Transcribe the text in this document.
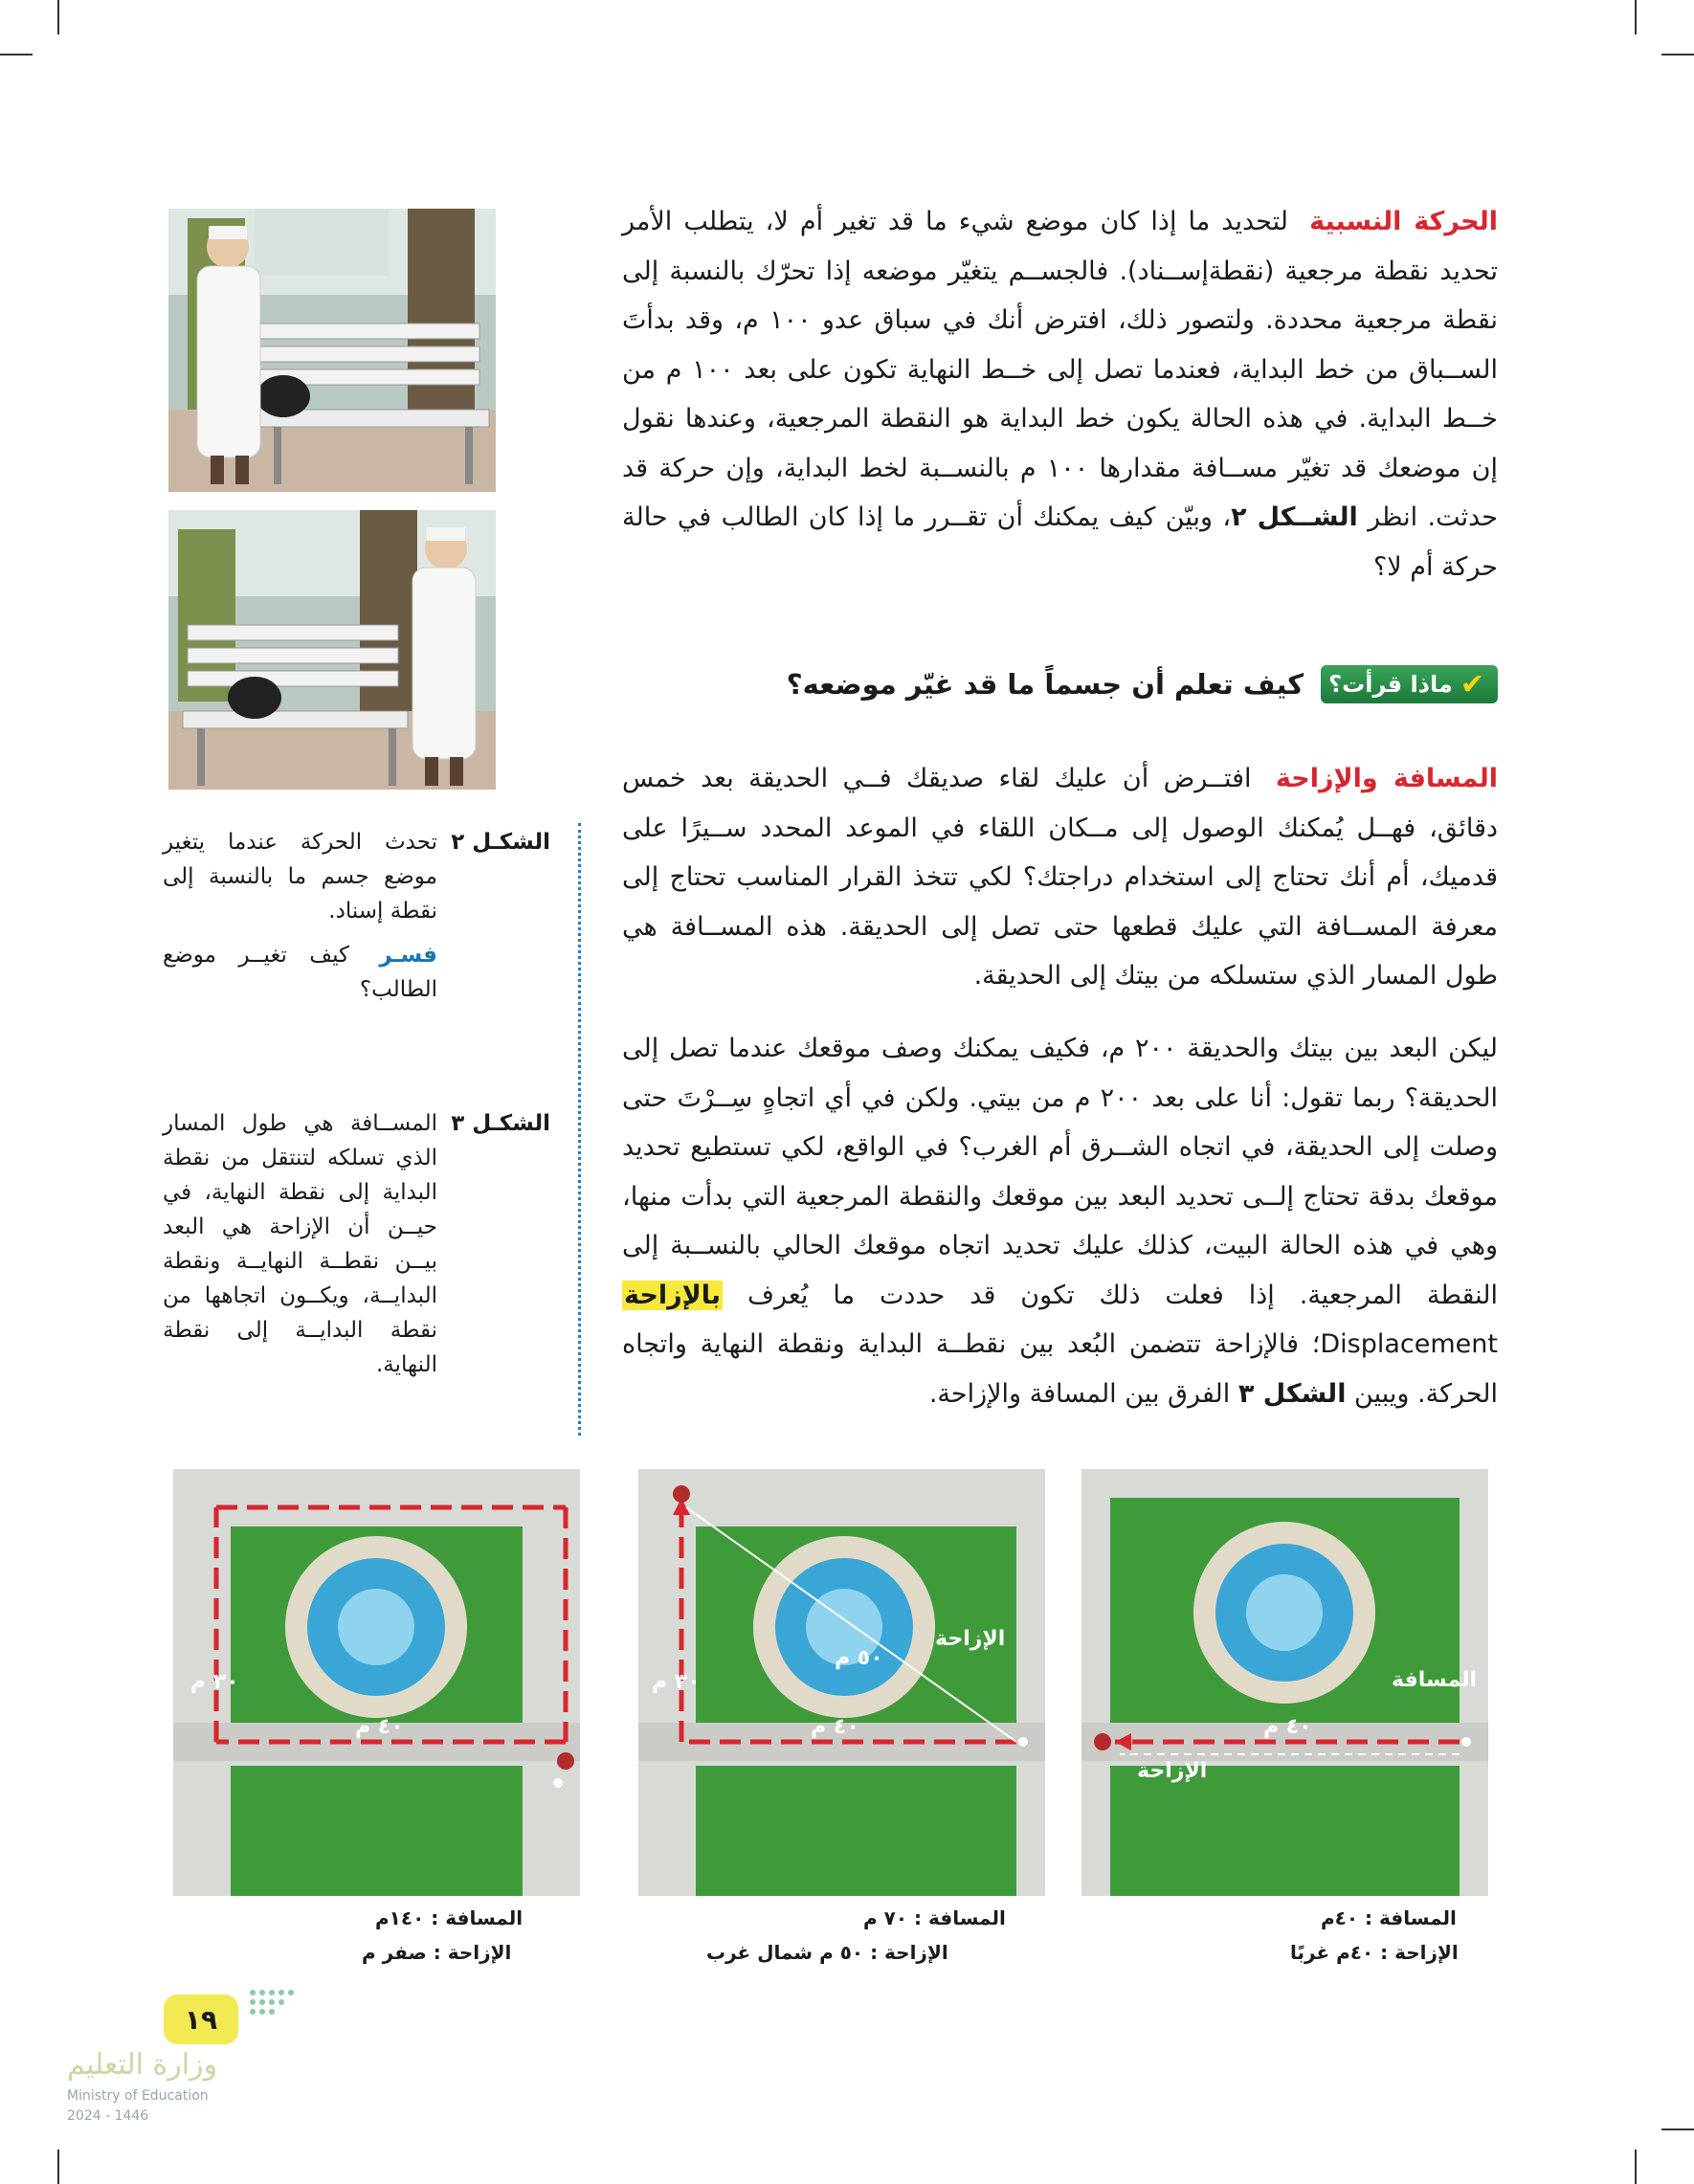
الحركة النسبية لتحديد ما إذا كان موضع شيء ما قد تغير أم لا، يتطلب الأمر تحديد نقطة مرجعية (نقطةإســناد). فالجســم يتغيّر موضعه إذا تحرّك بالنسبة إلى نقطة مرجعية محددة. ولتصور ذلك، افترض أنك في سباق عدو ١٠٠ م، وقد بدأتَ الســباق من خط البداية، فعندما تصل إلى خــط النهاية تكون على بعد ١٠٠ م من خــط البداية. في هذه الحالة يكون خط البداية هو النقطة المرجعية، وعندها نقول إن موضعك قد تغيّر مســافة مقدارها ١٠٠ م بالنســبة لخط البداية، وإن حركة قد حدثت. انظر الشــكل ٢، وبيّن كيف يمكنك أن تقــرر ما إذا كان الطالب في حالة حركة أم لا؟

✔
ماذا قرأت؟
كيف تعلم أن جسماً ما قد غيّر موضعه؟

المسافة والإزاحة افتــرض أن عليك لقاء صديقك فــي الحديقة بعد خمس دقائق، فهــل يُمكنك الوصول إلى مــكان اللقاء في الموعد المحدد ســيرًا على قدميك، أم أنك تحتاج إلى استخدام دراجتك؟ لكي تتخذ القرار المناسب تحتاج إلى معرفة المســافة التي عليك قطعها حتى تصل إلى الحديقة. هذه المســافة هي طول المسار الذي ستسلكه من بيتك إلى الحديقة.

ليكن البعد بين بيتك والحديقة ٢٠٠ م، فكيف يمكنك وصف موقعك عندما تصل إلى الحديقة؟ ربما تقول: أنا على بعد ٢٠٠ م من بيتي. ولكن في أي اتجاهٍ سِــرْتَ حتى وصلت إلى الحديقة، في اتجاه الشــرق أم الغرب؟ في الواقع، لكي تستطيع تحديد موقعك بدقة تحتاج إلــى تحديد البعد بين موقعك والنقطة المرجعية التي بدأت منها، وهي في هذه الحالة البيت، كذلك عليك تحديد اتجاه موقعك الحالي بالنســبة إلى النقطة المرجعية. إذا فعلت ذلك تكون قد حددت ما يُعرف بالإزاحة Displacement؛ فالإزاحة تتضمن البُعد بين نقطــة البداية ونقطة النهاية واتجاه الحركة. ويبين الشكل ٣ الفرق بين المسافة والإزاحة.

الشكـل ٢
تحدث الحركة عندما يتغير موضع جسم ما بالنسبة إلى نقطة إسناد.
فسـر كيف تغيــر موضع الطالب؟
الشكـل ٣
المســافة هي طول المسار الذي تسلكه لتنتقل من نقطة البداية إلى نقطة النهاية، في حيــن أن الإزاحة هي البعد بيــن نقطــة النهايــة ونقطة البدايــة، ويكــون اتجاهها من نقطة البدايــة إلى نقطة النهاية.
المسافة
الإزاحة
٤٠ م
المسافة : ٤٠م
الإزاحة : ٤٠م غربًا
الإزاحة
٤٠ م
٣٠ م
٥٠ م
المسافة : ٧٠ م
الإزاحة : ٥٠ م شمال غرب
٤٠ م
٣٠ م
المسافة : ١٤٠م
الإزاحة : صفر م
١٩
وزارة التعليم
Ministry of Education
2024 - 1446
